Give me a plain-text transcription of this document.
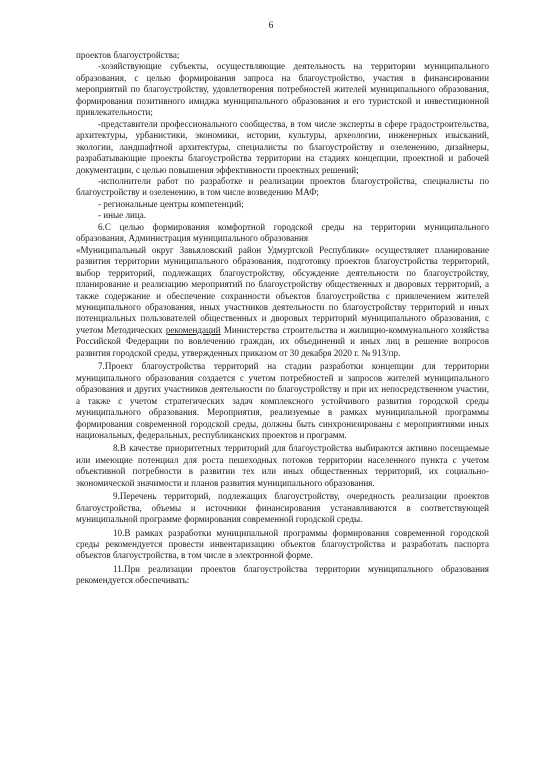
6

проектов благоустройства;

-хозяйствующие субъекты, осуществляющие деятельность на территории муниципального образования, с целью формирования запроса на благоустройство, участия в финансировании мероприятий по благоустройству, удовлетворения потребностей жителей муниципального образования, формирования позитивного имиджа муниципального образования и его туристской и инвестиционной привлекательности;

-представители профессионального сообщества, в том числе эксперты в сфере градостроительства, архитектуры, урбанистики, экономики, истории, культуры, археологии, инженерных изысканий, экологии, ландшафтной архитектуры, специалисты по благоустройству и озеленению, дизайнеры, разрабатывающие проекты благоустройства территории на стадиях концепции, проектной и рабочей документации, с целью повышения эффективности проектных решений;

-исполнители работ по разработке и реализации проектов благоустройства, специалисты по благоустройству и озеленению, в том числе возведению МАФ;

- региональные центры компетенций;

- иные лица.

6.С целью формирования комфортной городской среды на территории муниципального образования, Администрация муниципального образования

«Муниципальный округ Завьяловский район Удмуртской Республики» осуществляет планирование развития территории муниципального образования, подготовку проектов благоустройства территорий, выбор территорий, подлежащих благоустройству, обсуждение деятельности по благоустройству, планирование и реализацию мероприятий по благоустройству общественных и дворовых территорий, а также содержание и обеспечение сохранности объектов благоустройства с привлечением жителей муниципального образования, иных участников деятельности по благоустройству территорий и иных потенциальных пользователей общественных и дворовых территорий муниципального образования, с учетом Методических рекомендаций Министерства строительства и жилищно-коммунального хозяйства Российской Федерации по вовлечению граждан, их объединений и иных лиц в решение вопросов развития городской среды, утвержденных приказом от 30 декабря 2020 г. № 913/пр.

7.Проект благоустройства территорий на стадии разработки концепции для территории муниципального образования создается с учетом потребностей и запросов жителей муниципального образования и других участников деятельности по благоустройству и при их непосредственном участии, а также с учетом стратегических задач комплексного устойчивого развития городской среды муниципального образования. Мероприятия, реализуемые в рамках муниципальной программы формирования современной городской среды, должны быть синхронизированы с мероприятиями иных национальных, федеральных, республиканских проектов и программ.

8.В качестве приоритетных территорий для благоустройства выбираются активно посещаемые или имеющие потенциал для роста пешеходных потоков территории населенного пункта с учетом объективной потребности в развитии тех или иных общественных территорий, их социально-экономической значимости и планов развития муниципального образования.

9.Перечень территорий, подлежащих благоустройству, очередность реализации проектов благоустройства, объемы и источники финансирования устанавливаются в соответствующей муниципальной программе формирования современной городской среды.

10.В рамках разработки муниципальной программы формирования современной городской среды рекомендуется провести инвентаризацию объектов благоустройства и разработать паспорта объектов благоустройства, в том числе в электронной форме.

11.При реализации проектов благоустройства территории муниципального образования рекомендуется обеспечивать:
